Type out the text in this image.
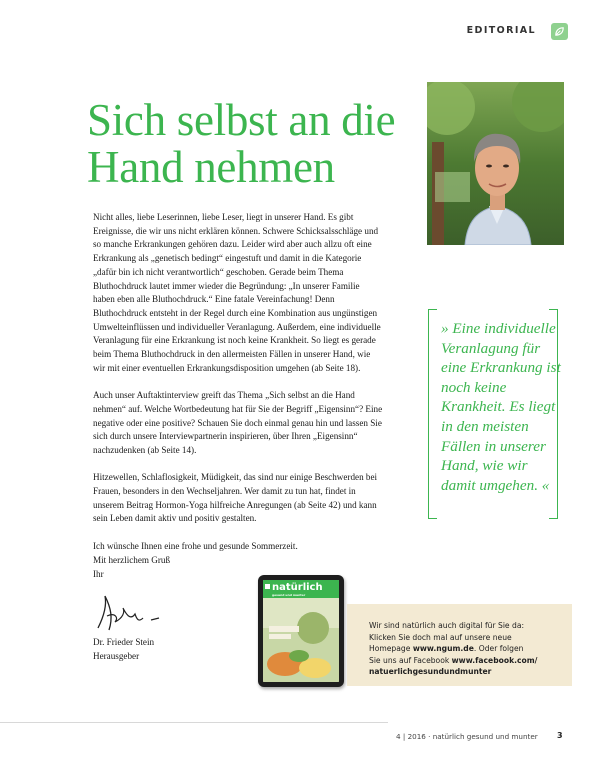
EDITORIAL
Sich selbst an die
Hand nehmen

Nicht alles, liebe Leserinnen, liebe Leser, liegt in unserer Hand. Es gibt Ereignisse, die wir uns nicht erklären können. Schwere Schicksalsschläge und so manche Erkrankungen gehören dazu. Leider wird aber auch allzu oft eine Erkrankung als „genetisch bedingt“ eingestuft und damit in die Kategorie „dafür bin ich nicht verantwortlich“ geschoben. Gerade beim Thema Bluthochdruck lautet immer wieder die Begründung: „In unserer Familie haben eben alle Bluthochdruck.“ Eine fatale Vereinfachung! Denn Bluthochdruck entsteht in der Regel durch eine Kombination aus ungünstigen Umwelteinflüssen und individueller Veranlagung. Außerdem, eine individuelle Veranlagung für eine Erkrankung ist noch keine Krankheit. So liegt es gerade beim Thema Bluthochdruck in den allermeisten Fällen in unserer Hand, wie wir mit einer eventuellen Erkrankungsdisposition umgehen (ab Seite 18).

Auch unser Auftaktinterview greift das Thema „Sich selbst an die Hand nehmen“ auf. Welche Wortbedeutung hat für Sie der Begriff „Eigensinn“? Eine negative oder eine positive? Schauen Sie doch einmal genau hin und lassen Sie sich durch unsere Interviewpartnerin inspirieren, über Ihren „Eigensinn“ nachzudenken (ab Seite 14).

Hitzewellen, Schlaflosigkeit, Müdigkeit, das sind nur einige Beschwerden bei Frauen, besonders in den Wechseljahren. Wer damit zu tun hat, findet in unserem Beitrag Hormon-Yoga hilfreiche Anregungen (ab Seite 42) und kann sein Leben damit aktiv und positiv gestalten.

Ich wünsche Ihnen eine frohe und gesunde Sommerzeit.

Mit herzlichem Gruß
Ihr
Dr. Frieder Stein
Herausgeber
» Eine individuelle Veranlagung für eine Erkrankung ist noch keine Krankheit. Es liegt in den meisten Fällen in unserer Hand, wie wir damit umgehen. «
natürlich
gesund und munter
Wir sind natürlich auch digital für Sie da:
Klicken Sie doch mal auf unsere neue
Homepage www.ngum.de. Oder folgen
Sie uns auf Facebook www.facebook.com/
natuerlichgesundundmunter
4 | 2016 · natürlich gesund und munter 3
